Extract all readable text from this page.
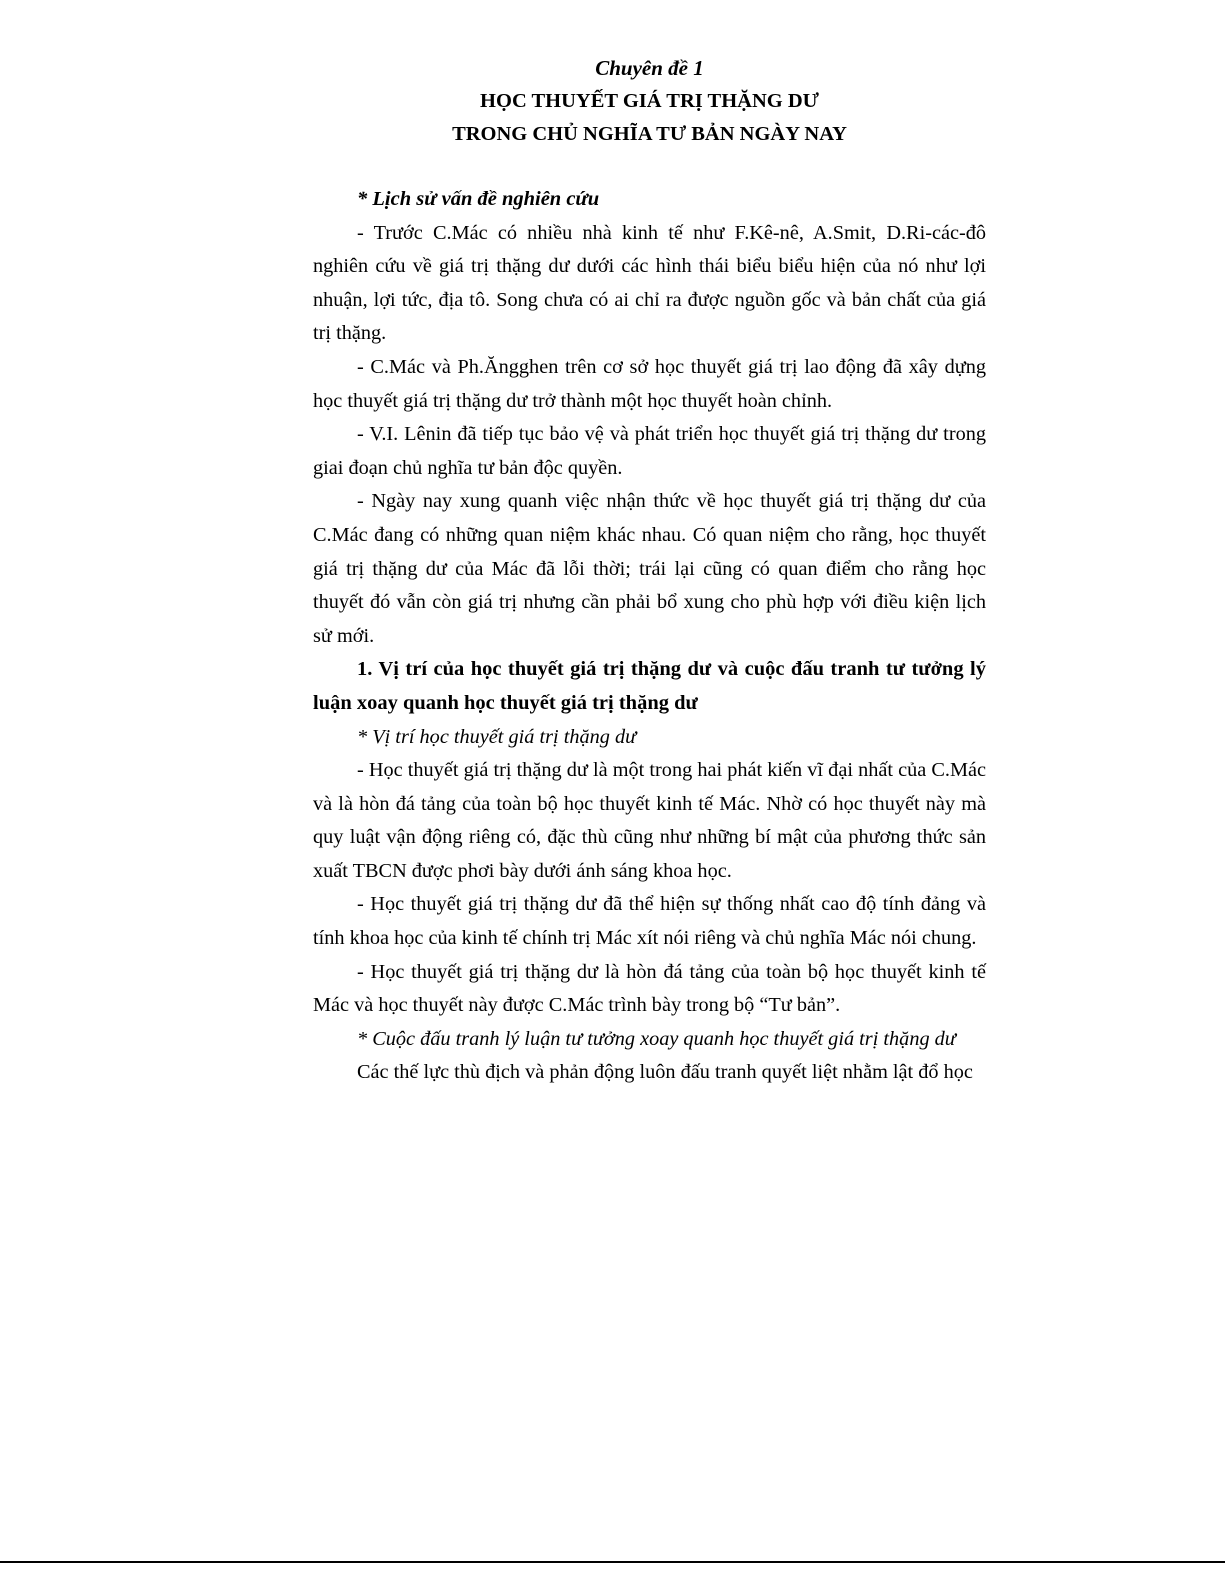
Chuyên đề 1

HỌC THUYẾT GIÁ TRỊ THẶNG DƯ

TRONG CHỦ NGHĨA TƯ BẢN NGÀY NAY

* Lịch sử vấn đề nghiên cứu

- Trước C.Mác có nhiều nhà kinh tế như F.Kê-nê, A.Smit, D.Ri-các-đô nghiên cứu về giá trị thặng dư dưới các hình thái biểu biểu hiện của nó như lợi nhuận, lợi tức, địa tô. Song chưa có ai chỉ ra được nguồn gốc và bản chất của giá trị thặng.

- C.Mác và Ph.Ăngghen trên cơ sở học thuyết giá trị lao động đã xây dựng học thuyết giá trị thặng dư trở thành một học thuyết hoàn chỉnh.

- V.I. Lênin đã tiếp tục bảo vệ và phát triển học thuyết giá trị thặng dư trong giai đoạn chủ nghĩa tư bản độc quyền.

- Ngày nay xung quanh việc nhận thức về học thuyết giá trị thặng dư của C.Mác đang có những quan niệm khác nhau. Có quan niệm cho rằng, học thuyết giá trị thặng dư của Mác đã lỗi thời; trái lại cũng có quan điểm cho rằng học thuyết đó vẫn còn giá trị nhưng cần phải bổ xung cho phù hợp với điều kiện lịch sử mới.

1. Vị trí của học thuyết giá trị thặng dư và cuộc đấu tranh tư tưởng lý luận xoay quanh học thuyết giá trị thặng dư

* Vị trí học thuyết giá trị thặng dư

- Học thuyết giá trị thặng dư là một trong hai phát kiến vĩ đại nhất của C.Mác và là hòn đá tảng của toàn bộ học thuyết kinh tế Mác. Nhờ có học thuyết này mà quy luật vận động riêng có, đặc thù cũng như những bí mật của phương thức sản xuất TBCN được phơi bày dưới ánh sáng khoa học.

- Học thuyết giá trị thặng dư đã thể hiện sự thống nhất cao độ tính đảng và tính khoa học của kinh tế chính trị Mác xít nói riêng và chủ nghĩa Mác nói chung.

- Học thuyết giá trị thặng dư là hòn đá tảng của toàn bộ học thuyết kinh tế Mác và học thuyết này được C.Mác trình bày trong bộ “Tư bản”.

* Cuộc đấu tranh lý luận tư tưởng xoay quanh học thuyết giá trị thặng dư

Các thế lực thù địch và phản động luôn đấu tranh quyết liệt nhằm lật đổ học
